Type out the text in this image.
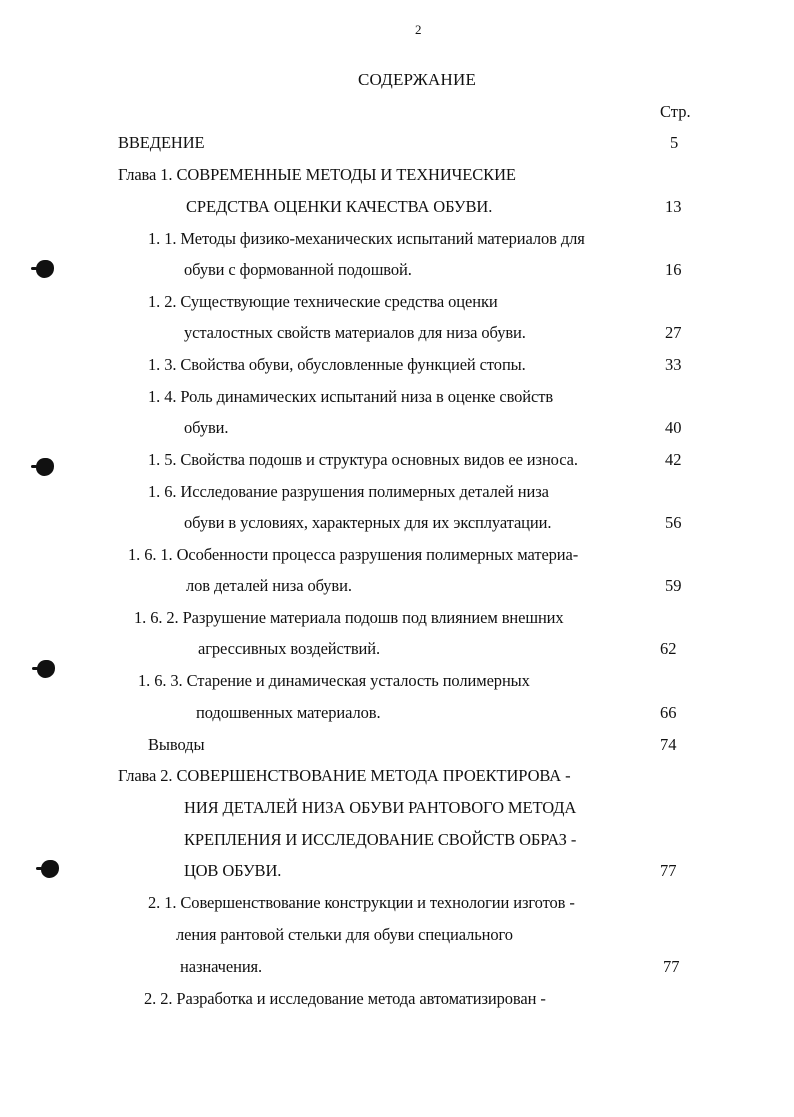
2
СОДЕРЖАНИЕ
Стр.
ВВЕДЕНИЕ	5
Глава 1. СОВРЕМЕННЫЕ МЕТОДЫ И ТЕХНИЧЕСКИЕ
СРЕДСТВА ОЦЕНКИ КАЧЕСТВА ОБУВИ.	13
1. 1. Методы физико-механических испытаний материалов для
обуви с формованной подошвой.	16
1. 2. Существующие технические средства оценки
усталостных свойств материалов для низа обуви.	27
1. 3. Свойства обуви, обусловленные функцией стопы.	33
1. 4. Роль динамических испытаний низа в оценке свойств
обуви.	40
1. 5. Свойства подошв и структура основных видов ее износа.	42
1. 6. Исследование разрушения полимерных деталей низа
обуви в условиях, характерных для их эксплуатации.	56
1. 6. 1. Особенности процесса разрушения полимерных материа-
лов деталей низа обуви.	59
1. 6. 2. Разрушение материала подошв под влиянием внешних
агрессивных воздействий.	62
1. 6. 3. Старение и динамическая усталость полимерных
подошвенных материалов.	66
Выводы	74
Глава 2. СОВЕРШЕНСТВОВАНИЕ МЕТОДА ПРОЕКТИРОВА -
НИЯ ДЕТАЛЕЙ НИЗА ОБУВИ РАНТОВОГО МЕТОДА
КРЕПЛЕНИЯ И ИССЛЕДОВАНИЕ СВОЙСТВ ОБРАЗ -
ЦОВ ОБУВИ.	77
2. 1. Совершенствование конструкции и технологии изготов -
ления рантовой стельки для обуви специального
назначения.	77
2. 2. Разработка и исследование метода автоматизирован -
